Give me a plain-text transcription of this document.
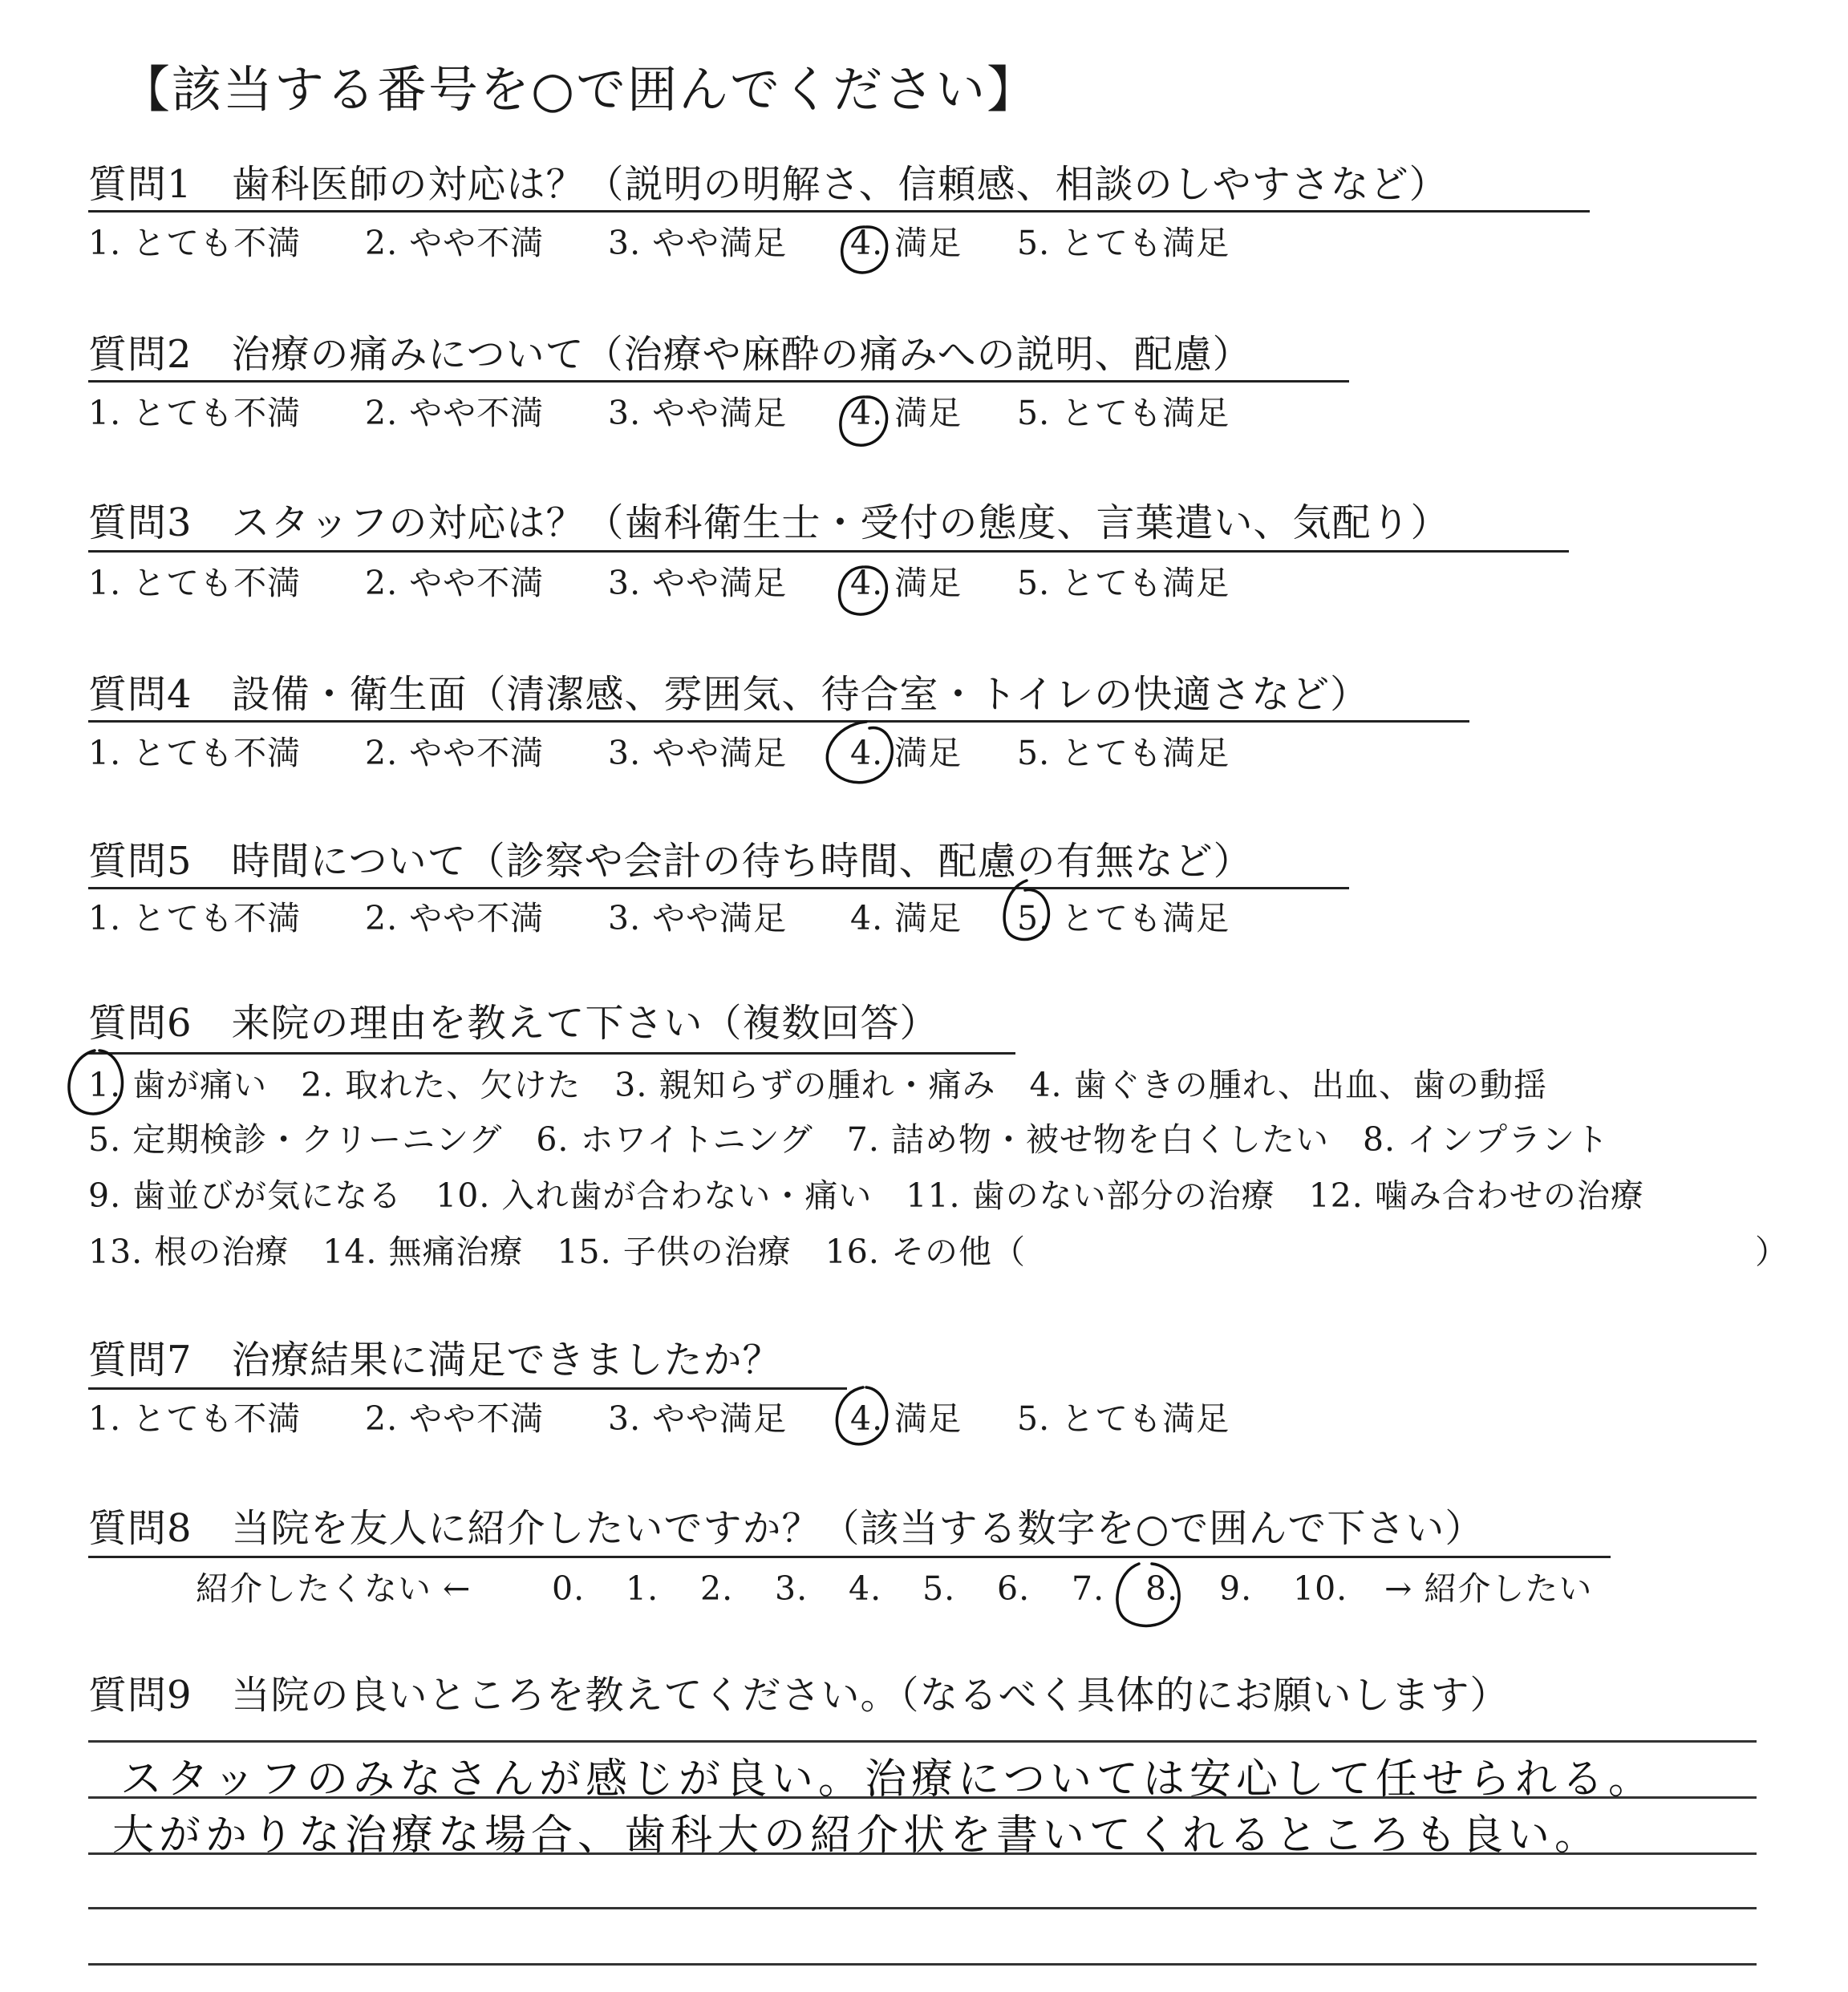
【該当する番号を○で囲んでください】
質問1　歯科医師の対応は？（説明の明解さ、信頼感、相談のしやすさなど）
1. とても不満 2. やや不満 3. やや満足 4. 満足 5. とても満足
質問2　治療の痛みについて（治療や麻酔の痛みへの説明、配慮）
1. とても不満 2. やや不満 3. やや満足 4. 満足 5. とても満足
質問3　スタッフの対応は？（歯科衛生士・受付の態度、言葉遣い、気配り）
1. とても不満 2. やや不満 3. やや満足 4. 満足 5. とても満足
質問4　設備・衛生面（清潔感、雰囲気、待合室・トイレの快適さなど）
1. とても不満 2. やや不満 3. やや満足 4. 満足 5. とても満足
質問5　時間について（診察や会計の待ち時間、配慮の有無など）
1. とても不満 2. やや不満 3. やや満足 4. 満足 5. とても満足
質問6　来院の理由を教えて下さい（複数回答）
1. 歯が痛い　2. 取れた、欠けた　3. 親知らずの腫れ・痛み　4. 歯ぐきの腫れ、出血、歯の動揺
5. 定期検診・クリーニング　6. ホワイトニング　7. 詰め物・被せ物を白くしたい　8. インプラント
9. 歯並びが気になる　10. 入れ歯が合わない・痛い　11. 歯のない部分の治療　12. 噛み合わせの治療
13. 根の治療　14. 無痛治療　15. 子供の治療　16. その他（	）
質問7　治療結果に満足できましたか？
1. とても不満 2. やや不満 3. やや満足 4. 満足 5. とても満足
質問8　当院を友人に紹介したいですか？（該当する数字を○で囲んで下さい）
紹介したくない ← 0. 1. 2. 3. 4. 5. 6. 7. 8. 9. 10. → 紹介したい
質問9　当院の良いところを教えてください。（なるべく具体的にお願いします）
スタッフのみなさんが感じが良い。治療については安心して任せられる。
大がかりな治療な場合、歯科大の紹介状を書いてくれるところも良い。
